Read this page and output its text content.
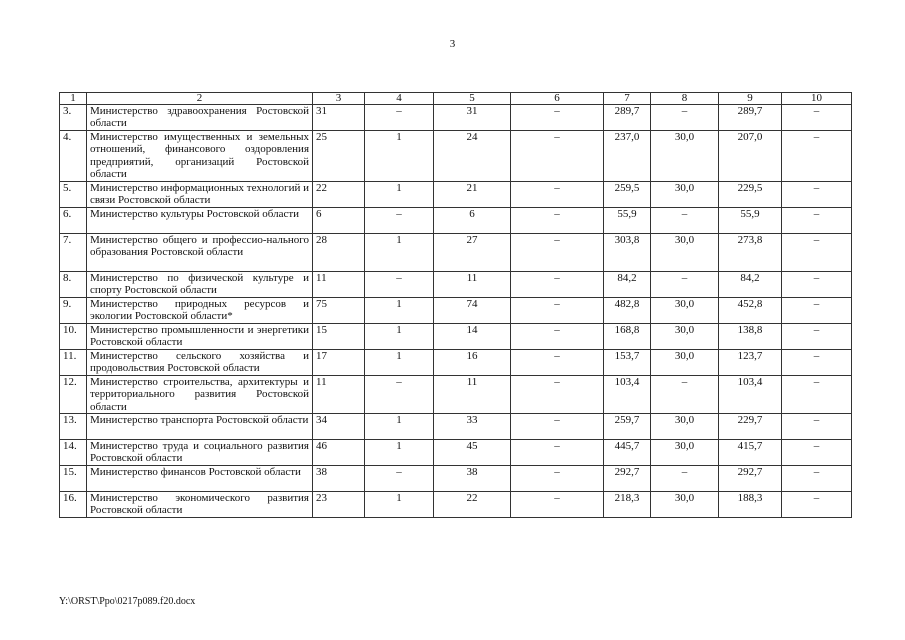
3
1	2	3	4	5	6	7	8	9	10
3.	Министерство здравоохранения Ростовской области	31	–	31	–	289,7	–	289,7	–
4.	Министерство имущественных и земельных отношений, финансового оздоровления предприятий, организаций Ростовской области	25	1	24	–	237,0	30,0	207,0	–
5.	Министерство информационных технологий и связи Ростовской области	22	1	21	–	259,5	30,0	229,5	–
6.	Министерство культуры Ростовской области	6	–	6	–	55,9	–	55,9	–
7.	Министерство общего и профессио-нального образования Ростовской области	28	1	27	–	303,8	30,0	273,8	–
8.	Министерство по физической культуре и спорту Ростовской области	11	–	11	–	84,2	–	84,2	–
9.	Министерство природных ресурсов и экологии Ростовской области*	75	1	74	–	482,8	30,0	452,8	–
10.	Министерство промышленности и энергетики Ростовской области	15	1	14	–	168,8	30,0	138,8	–
11.	Министерство сельского хозяйства и продовольствия Ростовской области	17	1	16	–	153,7	30,0	123,7	–
12.	Министерство строительства, архитектуры и территориального развития Ростовской области	11	–	11	–	103,4	–	103,4	–
13.	Министерство транспорта Ростовской области	34	1	33	–	259,7	30,0	229,7	–
14.	Министерство труда и социального развития Ростовской области	46	1	45	–	445,7	30,0	415,7	–
15.	Министерство финансов Ростовской области	38	–	38	–	292,7	–	292,7	–
16.	Министерство экономического развития Ростовской области	23	1	22	–	218,3	30,0	188,3	–
Y:\ORST\Ppo\0217p089.f20.docx
